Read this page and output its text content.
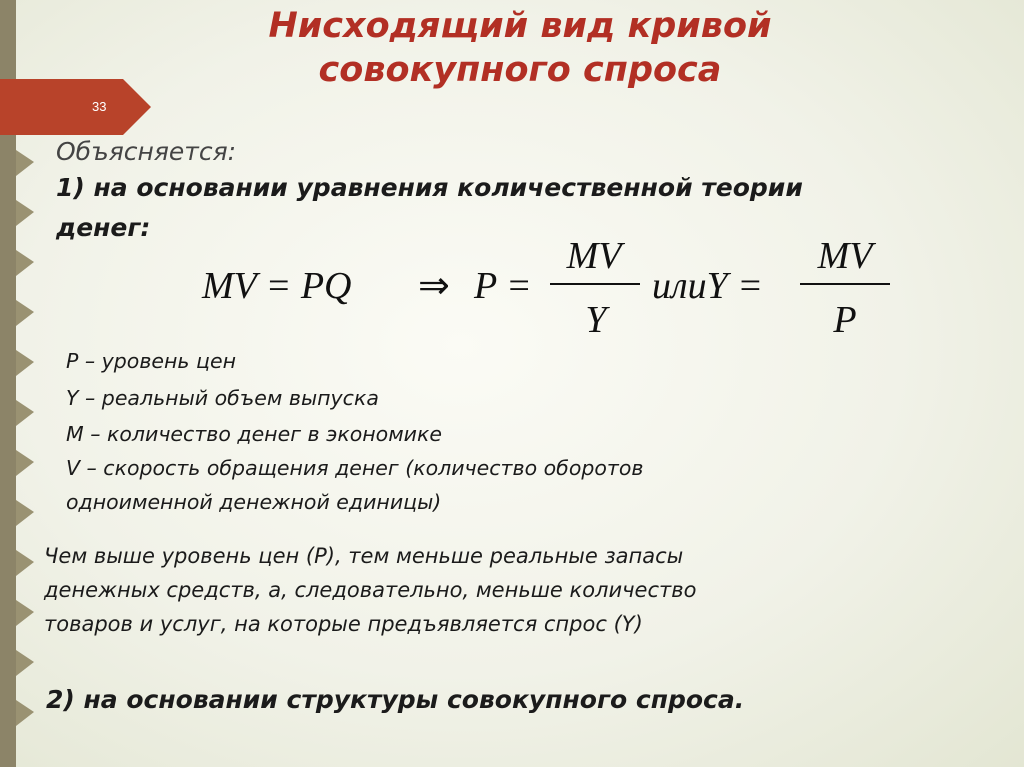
33
Нисходящий вид кривой
совокупного спроса
Объясняется:
1) на основании уравнения количественной теории
денег:
MV = PQ ⇒ P =
MV
Y
илиY =
MV
P
Р – уровень цен
Y – реальный объем выпуска
М – количество денег в экономике
V – скорость обращения денег (количество оборотов
одноименной денежной единицы)
Чем выше уровень цен (Р), тем меньше реальные запасы
денежных средств, а, следовательно, меньше количество
товаров и услуг, на которые предъявляется спрос (Y)
2) на основании структуры совокупного спроса.
